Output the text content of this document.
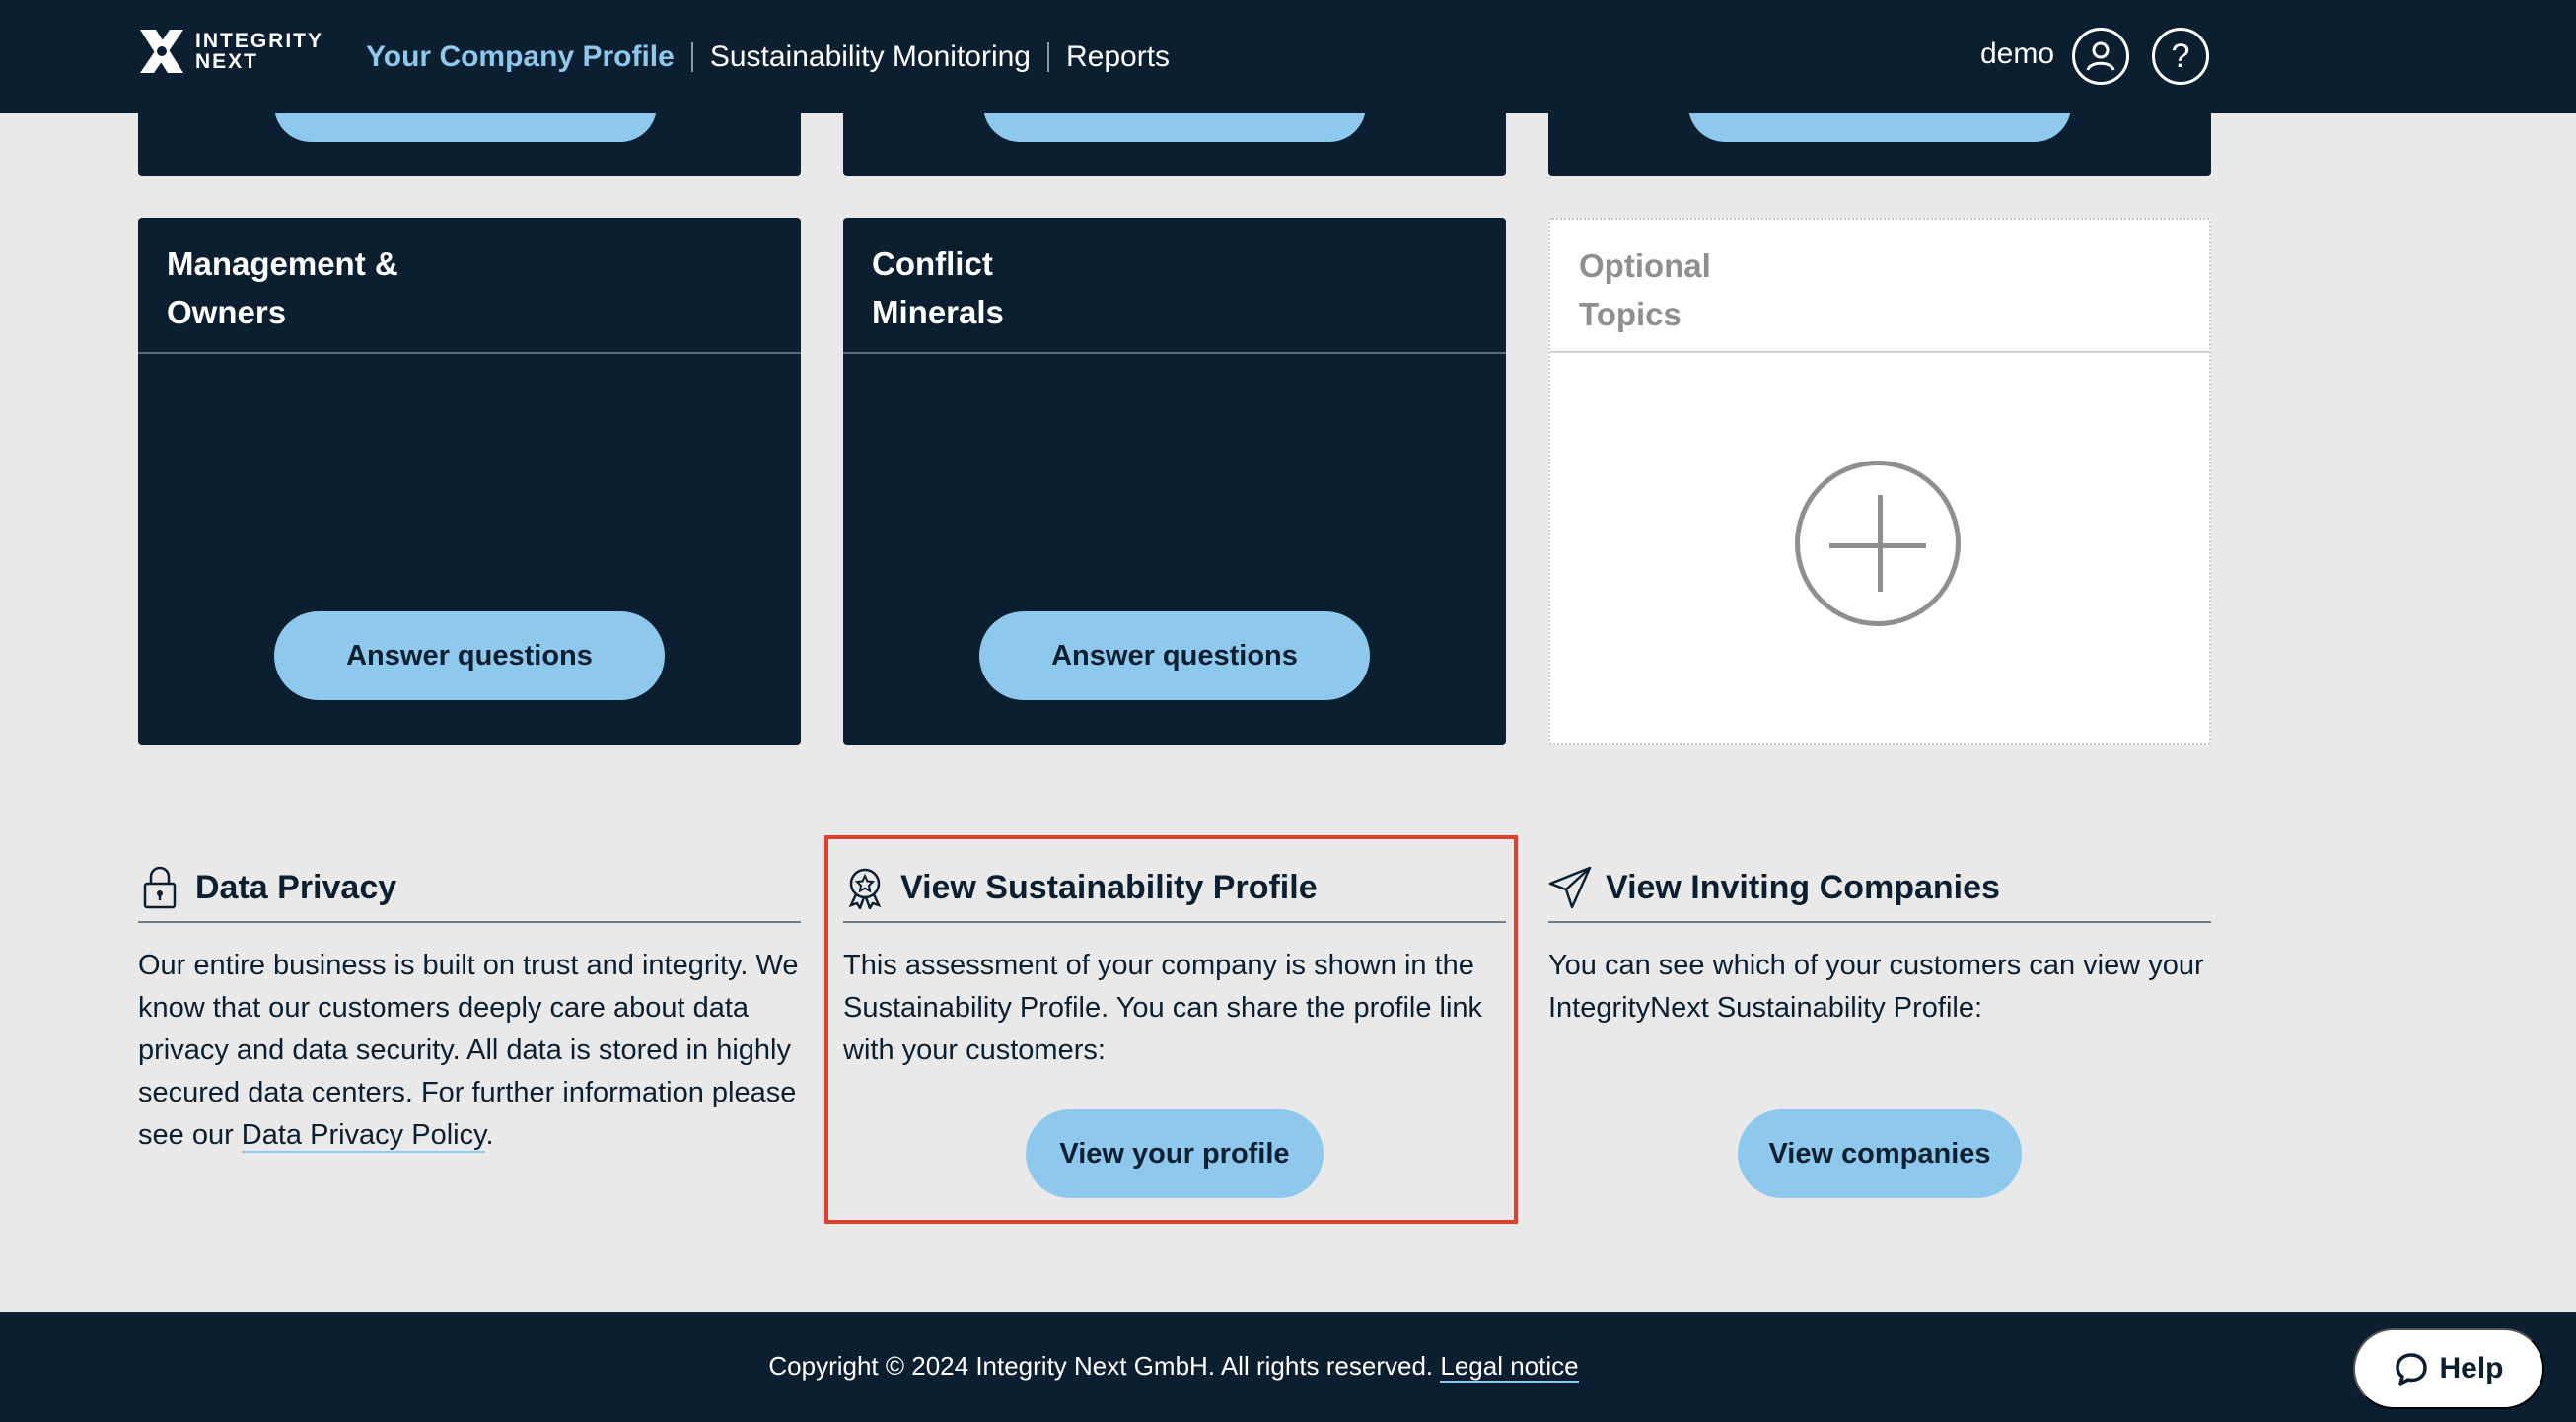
INTEGRITY
NEXT	Your Company Profile Sustainability Monitoring Reports	demo	?
Management &
Owners
Answer questions
Conflict
Minerals
Answer questions
Optional
Topics
Data Privacy

Our entire business is built on trust and integrity. We know that our customers deeply care about data privacy and data security. All data is stored in highly secured data centers. For further information please see our Data Privacy Policy.

View Sustainability Profile

This assessment of your company is shown in the Sustainability Profile. You can share the profile link with your customers:

View your profile
View Inviting Companies

You can see which of your customers can view your IntegrityNext Sustainability Profile:

View companies
Copyright © 2024 Integrity Next GmbH. All rights reserved. Legal notice	Help
